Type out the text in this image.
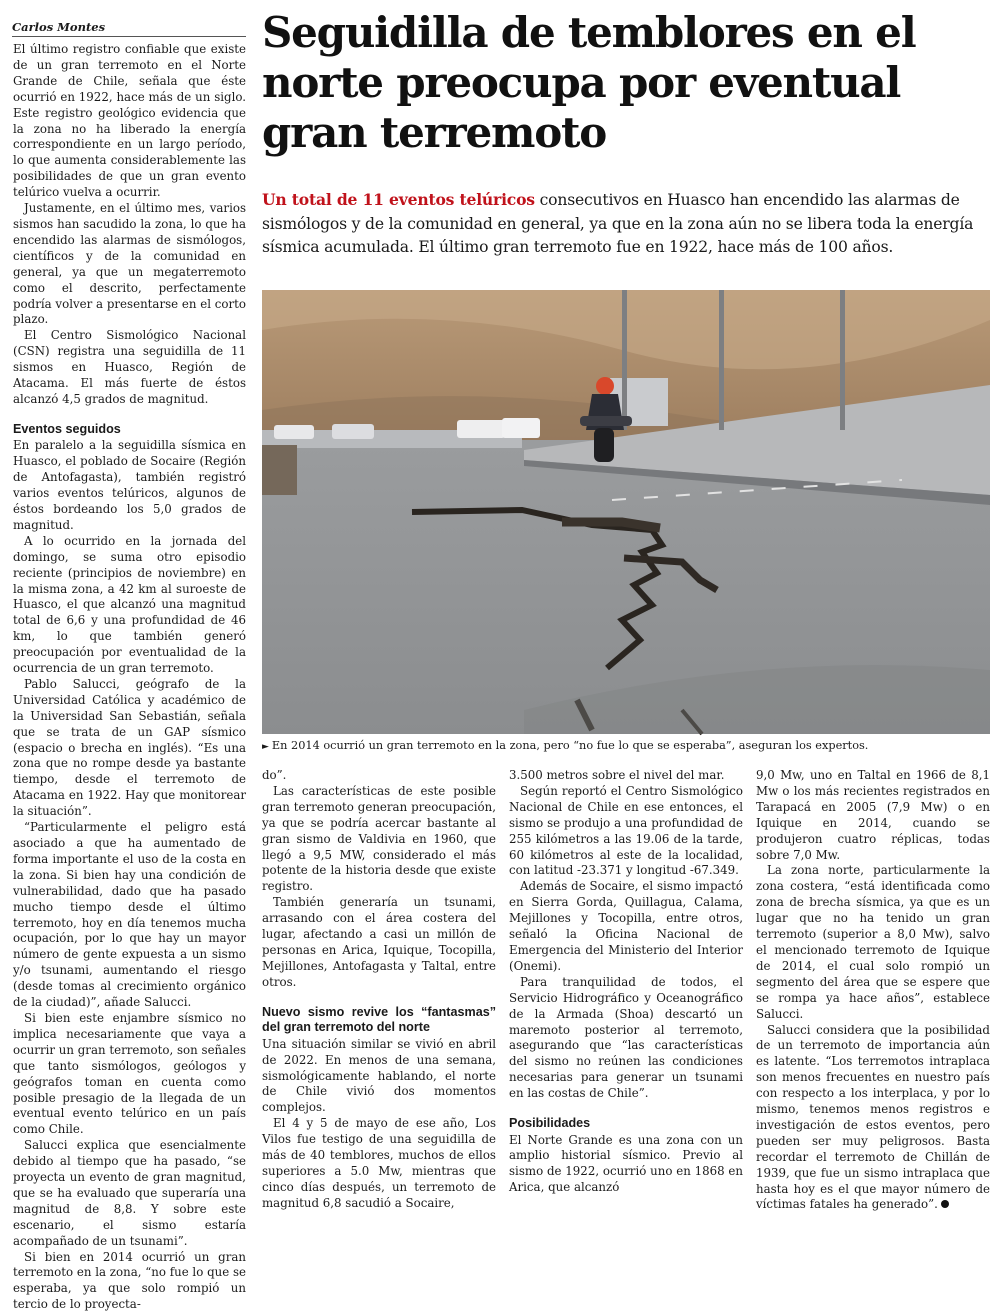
Carlos Montes

El último registro confiable que existe de un gran terremoto en el Norte Grande de Chile, señala que éste ocurrió en 1922, hace más de un siglo. Este registro geológico evidencia que la zona no ha liberado la energía correspondiente en un largo período, lo que aumenta considerablemente las posibilidades de que un gran evento telúrico vuelva a ocurrir.

Justamente, en el último mes, varios sismos han sacudido la zona, lo que ha encendido las alarmas de sismólogos, científicos y de la comunidad en general, ya que un megaterremoto como el descrito, perfectamente podría volver a presentarse en el corto plazo.

El Centro Sismológico Nacional (CSN) registra una seguidilla de 11 sismos en Huasco, Región de Atacama. El más fuerte de éstos alcanzó 4,5 grados de magnitud.

Eventos seguidos

En paralelo a la seguidilla sísmica en Huasco, el poblado de Socaire (Región de Antofagasta), también registró varios eventos telúricos, algunos de éstos bordeando los 5,0 grados de magnitud.

A lo ocurrido en la jornada del domingo, se suma otro episodio reciente (principios de noviembre) en la misma zona, a 42 km al suroeste de Huasco, el que alcanzó una magnitud total de 6,6 y una profundidad de 46 km, lo que también generó preocupación por eventualidad de la ocurrencia de un gran terremoto.

Pablo Salucci, geógrafo de la Universidad Católica y académico de la Universidad San Sebastián, señala que se trata de un GAP sísmico (espacio o brecha en inglés). “Es una zona que no rompe desde ya bastante tiempo, desde el terremoto de Atacama en 1922. Hay que monitorear la situación”.

“Particularmente el peligro está asociado a que ha aumentado de forma importante el uso de la costa en la zona. Si bien hay una condición de vulnerabilidad, dado que ha pasado mucho tiempo desde el último terremoto, hoy en día tenemos mucha ocupación, por lo que hay un mayor número de gente expuesta a un sismo y/o tsunami, aumentando el riesgo (desde tomas al crecimiento orgánico de la ciudad)”, añade Salucci.

Si bien este enjambre sísmico no implica necesariamente que vaya a ocurrir un gran terremoto, son señales que tanto sismólogos, geólogos y geógrafos toman en cuenta como posible presagio de la llegada de un eventual evento telúrico en un país como Chile.

Salucci explica que esencialmente debido al tiempo que ha pasado, “se proyecta un evento de gran magnitud, que se ha evaluado que superaría una magnitud de 8,8. Y sobre este escenario, el sismo estaría acompañado de un tsunami”.

Si bien en 2014 ocurrió un gran terremoto en la zona, “no fue lo que se esperaba, ya que solo rompió un tercio de lo proyecta-

Seguidilla de temblores en el norte preocupa por eventual gran terremoto
Un total de 11 eventos telúricos consecutivos en Huasco han encendido las alarmas de sismólogos y de la comunidad en general, ya que en la zona aún no se libera toda la energía sísmica acumulada. El último gran terremoto fue en 1922, hace más de 100 años.
► En 2014 ocurrió un gran terremoto en la zona, pero “no fue lo que se esperaba”, aseguran los expertos.

do”.

Las características de este posible gran terremoto generan preocupación, ya que se podría acercar bastante al gran sismo de Valdivia en 1960, que llegó a 9,5 MW, considerado el más potente de la historia desde que existe registro.

También generaría un tsunami, arrasando con el área costera del lugar, afectando a casi un millón de personas en Arica, Iquique, Tocopilla, Mejillones, Antofagasta y Taltal, entre otros.

Nuevo sismo revive los “fantasmas” del gran terremoto del norte

Una situación similar se vivió en abril de 2022. En menos de una semana, sismológicamente hablando, el norte de Chile vivió dos momentos complejos.

El 4 y 5 de mayo de ese año, Los Vilos fue testigo de una seguidilla de más de 40 temblores, muchos de ellos superiores a 5.0 Mw, mientras que cinco días después, un terremoto de magnitud 6,8 sacudió a Socaire,

3.500 metros sobre el nivel del mar.

Según reportó el Centro Sismológico Nacional de Chile en ese entonces, el sismo se produjo a una profundidad de 255 kilómetros a las 19.06 de la tarde, 60 kilómetros al este de la localidad, con latitud -23.371 y longitud -67.349.

Además de Socaire, el sismo impactó en Sierra Gorda, Quillagua, Calama, Mejillones y Tocopilla, entre otros, señaló la Oficina Nacional de Emergencia del Ministerio del Interior (Onemi).

Para tranquilidad de todos, el Servicio Hidrográfico y Oceanográfico de la Armada (Shoa) descartó un maremoto posterior al terremoto, asegurando que “las características del sismo no reúnen las condiciones necesarias para generar un tsunami en las costas de Chile”.

Posibilidades

El Norte Grande es una zona con un amplio historial sísmico. Previo al sismo de 1922, ocurrió uno en 1868 en Arica, que alcanzó

9,0 Mw, uno en Taltal en 1966 de 8,1 Mw o los más recientes registrados en Tarapacá en 2005 (7,9 Mw) o en Iquique en 2014, cuando se produjeron cuatro réplicas, todas sobre 7,0 Mw.

La zona norte, particularmente la zona costera, “está identificada como zona de brecha sísmica, ya que es un lugar que no ha tenido un gran terremoto (superior a 8,0 Mw), salvo el mencionado terremoto de Iquique de 2014, el cual solo rompió un segmento del área que se espere que se rompa ya hace años”, establece Salucci.

Salucci considera que la posibilidad de un terremoto de importancia aún es latente. “Los terremotos intraplaca son menos frecuentes en nuestro país con respecto a los interplaca, y por lo mismo, tenemos menos registros e investigación de estos eventos, pero pueden ser muy peligrosos. Basta recordar el terremoto de Chillán de 1939, que fue un sismo intraplaca que hasta hoy es el que mayor número de víctimas fatales ha generado”.
